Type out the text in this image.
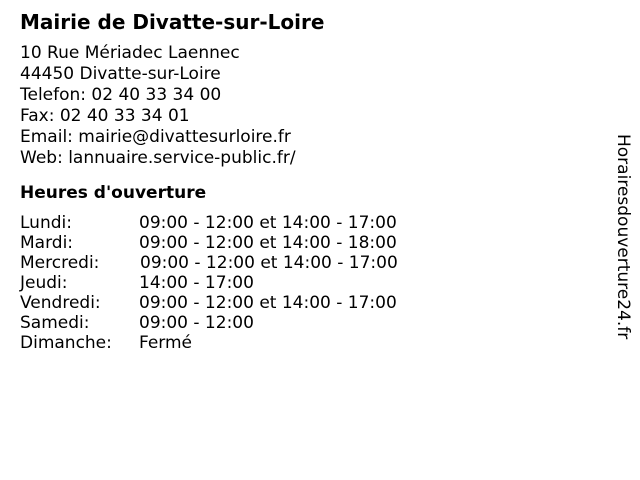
Mairie de Divatte-sur-Loire
10 Rue Mériadec Laennec
44450 Divatte-sur-Loire
Telefon: 02 40 33 34 00
Fax: 02 40 33 34 01
Email: mairie@divattesurloire.fr
Web: lannuaire.service-public.fr/
Heures d'ouverture
Lundi:	09:00 - 12:00 et 14:00 - 17:00
Mardi:	09:00 - 12:00 et 14:00 - 18:00
Mercredi: 09:00 - 12:00 et 14:00 - 17:00
Jeudi:	14:00 - 17:00
Vendredi: 09:00 - 12:00 et 14:00 - 17:00
Samedi:	09:00 - 12:00
Dimanche: Fermé
Horairesdouverture24.fr
